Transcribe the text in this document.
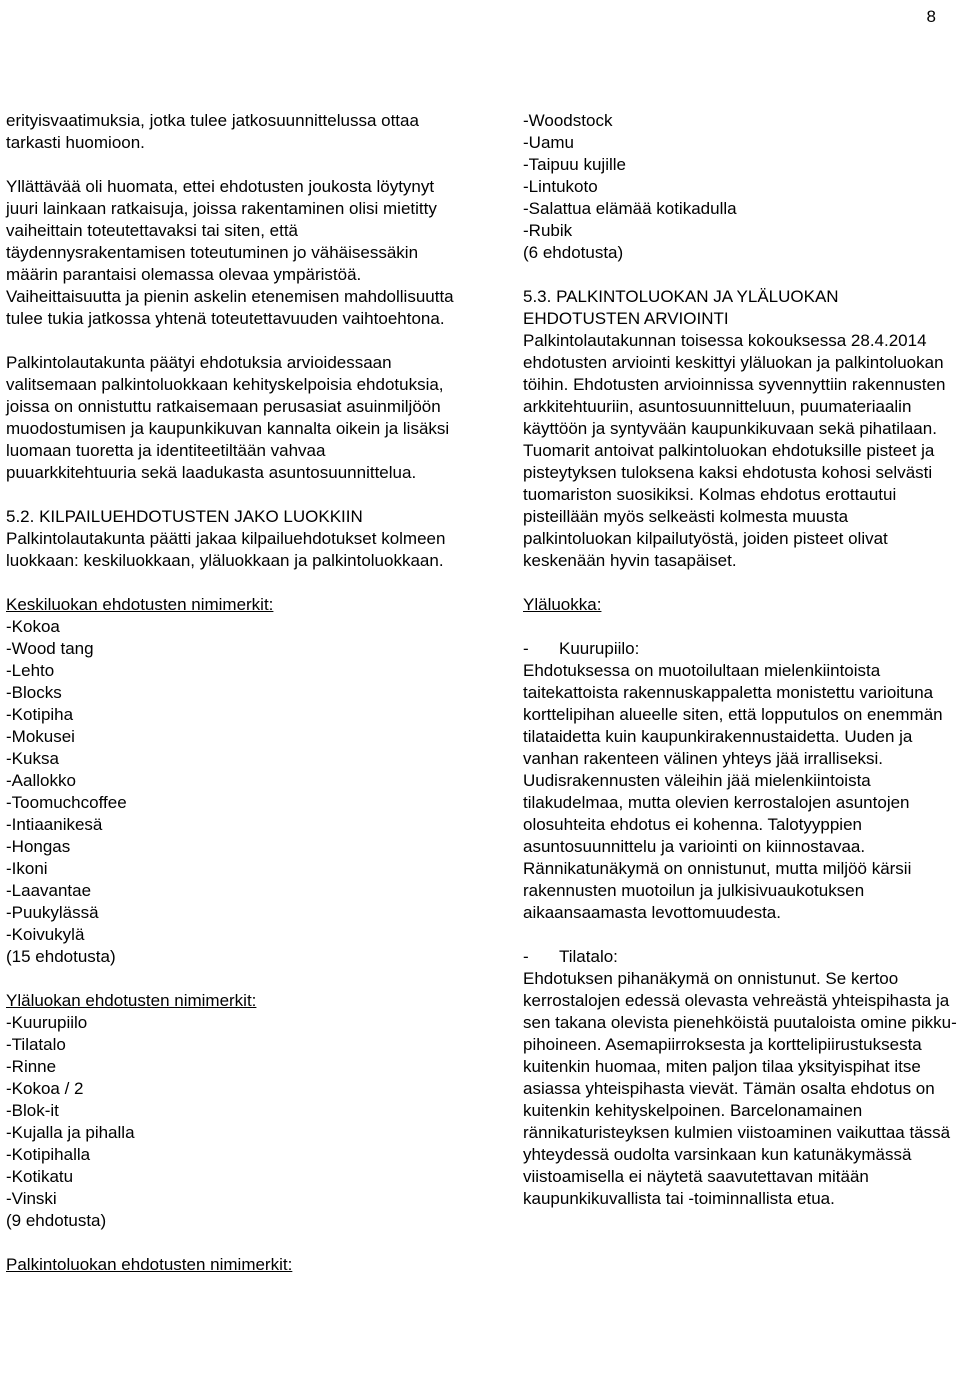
8

erityisvaatimuksia, jotka tulee jatkosuunnittelussa ottaa tarkasti huomioon.

Yllättävää oli huomata, ettei ehdotusten joukosta löytynyt juuri lainkaan ratkaisuja, joissa rakentaminen olisi mietitty vaiheittain toteutettavaksi tai siten, että täydennysrakentamisen toteutuminen jo vähäisessäkin määrin parantaisi olemassa olevaa ympäristöä. Vaiheittaisuutta ja pienin askelin etenemisen mahdollisuutta tulee tukia jatkossa yhtenä toteutettavuuden vaihtoehtona.

Palkintolautakunta päätyi ehdotuksia arvioidessaan valitsemaan palkintoluokkaan kehityskelpoisia ehdotuksia, joissa on onnistuttu ratkaisemaan perusasiat asuinmiljöön muodostumisen ja kaupunkikuvan kannalta oikein ja lisäksi luomaan tuoretta ja identiteetiltään vahvaa puuarkkitehtuuria sekä laadukasta asuntosuunnittelua.

5.2. KILPAILUEHDOTUSTEN JAKO LUOKKIIN

Palkintolautakunta päätti jakaa kilpailuehdotukset kolmeen luokkaan: keskiluokkaan, yläluokkaan ja palkintoluokkaan.

Keskiluokan ehdotusten nimimerkit:

-Kokoa
-Wood tang
-Lehto
-Blocks
-Kotipiha
-Mokusei
-Kuksa
-Aallokko
-Toomuchcoffee
-Intiaanikesä
-Hongas
-Ikoni
-Laavantae
-Puukylässä
-Koivukylä
(15 ehdotusta)

Yläluokan ehdotusten nimimerkit:

-Kuurupiilo
-Tilatalo
-Rinne
-Kokoa / 2
-Blok-it
-Kujalla ja pihalla
-Kotipihalla
-Kotikatu
-Vinski
(9 ehdotusta)

Palkintoluokan ehdotusten nimimerkit:

-Woodstock
-Uamu
-Taipuu kujille
-Lintukoto
-Salattua elämää kotikadulla
-Rubik
(6 ehdotusta)
5.3. PALKINTOLUOKAN JA YLÄLUOKAN
EHDOTUSTEN ARVIOINTI

Palkintolautakunnan toisessa kokouksessa 28.4.2014 ehdotusten arviointi keskittyi yläluokan ja palkintoluokan töihin. Ehdotusten arvioinnissa syvennyttiin rakennusten arkkitehtuuriin, asuntosuunnitteluun, puumateriaalin käyttöön ja syntyvään kaupunkikuvaan sekä pihatilaan. Tuomarit antoivat palkintoluokan ehdotuksille pisteet ja pisteytyksen tuloksena kaksi ehdotusta kohosi selvästi tuomariston suosikiksi. Kolmas ehdotus erottautui pisteillään myös selkeästi kolmesta muusta palkintoluokan kilpailutyöstä, joiden pisteet olivat keskenään hyvin tasapäiset.

Yläluokka:

- Kuurupiilo:

Ehdotuksessa on muotoilultaan mielenkiintoista taitekattoista rakennuskappaletta monistettu varioituna korttelipihan alueelle siten, että lopputulos on enemmän tilataidetta kuin kaupunkirakennustaidetta. Uuden ja vanhan rakenteen välinen yhteys jää irralliseksi. Uudisrakennusten väleihin jää mielenkiintoista tilakudelmaa, mutta olevien kerrostalojen asuntojen olosuhteita ehdotus ei kohenna. Talotyyppien asuntosuunnittelu ja variointi on kiinnostavaa. Rännikatunäkymä on onnistunut, mutta miljöö kärsii rakennusten muotoilun ja julkisivuaukotuksen aikaansaamasta levottomuudesta.

- Tilatalo:

Ehdotuksen pihanäkymä on onnistunut. Se kertoo kerrostalojen edessä olevasta vehreästä yhteispihasta ja sen takana olevista pienehköistä puutaloista omine pikku-pihoineen. Asemapiirroksesta ja korttelipiirustuksesta kuitenkin huomaa, miten paljon tilaa yksityispihat itse asiassa yhteispihasta vievät. Tämän osalta ehdotus on kuitenkin kehityskelpoinen. Barcelonamainen rännikaturisteyksen kulmien viistoaminen vaikuttaa tässä yhteydessä oudolta varsinkaan kun katunäkymässä viistoamisella ei näytetä saavutettavan mitään kaupunkikuvallista tai -toiminnallista etua.
